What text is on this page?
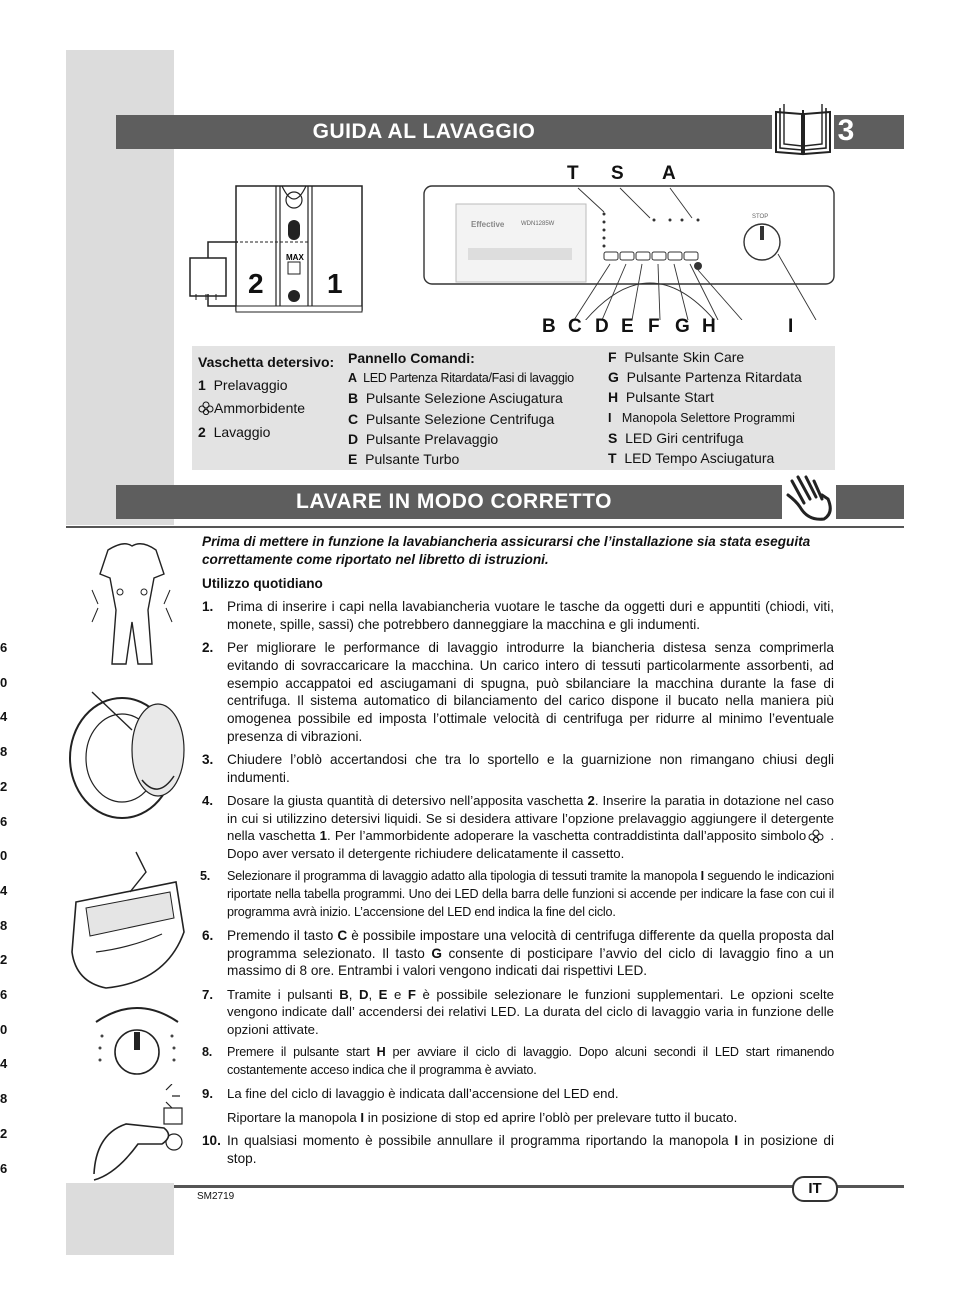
GUIDA AL LAVAGGIO	3
MAX
2 1
Effective	WDN1285W
STOP
T S A
B C D E F G H	I
Vaschetta detersivo:
1 Prelavaggio
Ammorbidente
2 Lavaggio
Pannello Comandi:
A LED Partenza Ritardata/Fasi di lavaggio
B Pulsante Selezione Asciugatura
C Pulsante Selezione Centrifuga
D Pulsante Prelavaggio
E Pulsante Turbo
F Pulsante Skin Care
G Pulsante Partenza Ritardata
H Pulsante Start
I Manopola Selettore Programmi
S LED Giri centrifuga
T LED Tempo Asciugatura
LAVARE IN MODO CORRETTO
6
0
4
8
2
6
0
4
8
2
6
0
4
8
2
6

Prima di mettere in funzione la lavabiancheria assicurarsi che l’installazione sia stata eseguita correttamente come riportato nel libretto di istruzioni.

Utilizzo quotidiano

1. Prima di inserire i capi nella lavabiancheria vuotare le tasche da oggetti duri e appuntiti (chiodi, viti, monete, spille, sassi) che potrebbero danneggiare la macchina e gli indumenti.
2. Per migliorare le performance di lavaggio introdurre la biancheria distesa senza comprimerla evitando di sovraccaricare la macchina. Un carico intero di tessuti particolarmente assorbenti, ad esempio accappatoi ed asciugamani di spugna, può sbilanciare la macchina durante la fase di centrifuga. Il sistema automatico di bilanciamento del carico dispone il bucato nella maniera più omogenea possibile ed imposta l’ottimale velocità di centrifuga per ridurre al minimo l’eventuale presenza di vibrazioni.
3. Chiudere l’oblò accertandosi che tra lo sportello e la guarnizione non rimangano chiusi degli indumenti.
4. Dosare la giusta quantità di detersivo nell’apposita vaschetta 2. Inserire la paratia in dotazione nel caso in cui si utilizzino detersivi liquidi. Se si desidera attivare l’opzione prelavaggio aggiungere il detergente nella vaschetta 1. Per l’ammorbidente adoperare la vaschetta contraddistinta dall’apposito simbolo . Dopo aver versato il detergente richiudere delicatamente il cassetto.
5. Selezionare il programma di lavaggio adatto alla tipologia di tessuti tramite la manopola I seguendo le indicazioni riportate nella tabella programmi. Uno dei LED della barra delle funzioni si accende per indicare la fase con cui il programma avrà inizio. L’accensione del LED end indica la fine del ciclo.
6. Premendo il tasto C è possibile impostare una velocità di centrifuga differente da quella proposta dal programma selezionato. Il tasto G consente di posticipare l’avvio del ciclo di lavaggio fino a un massimo di 8 ore. Entrambi i valori vengono indicati dai rispettivi LED.
7. Tramite i pulsanti B, D, E e F è possibile selezionare le funzioni supplementari. Le opzioni scelte vengono indicate dall’ accendersi dei relativi LED. La durata del ciclo di lavaggio varia in funzione delle opzioni attivate.
8. Premere il pulsante start H per avviare il ciclo di lavaggio. Dopo alcuni secondi il LED start rimanendo costantemente acceso indica che il programma è avviato.
9. La fine del ciclo di lavaggio è indicata dall’accensione del LED end.
Riportare la manopola I in posizione di stop ed aprire l’oblò per prelevare tutto il bucato.
10. In qualsiasi momento è possibile annullare il programma riportando la manopola I in posizione di stop.
SM2719	IT
